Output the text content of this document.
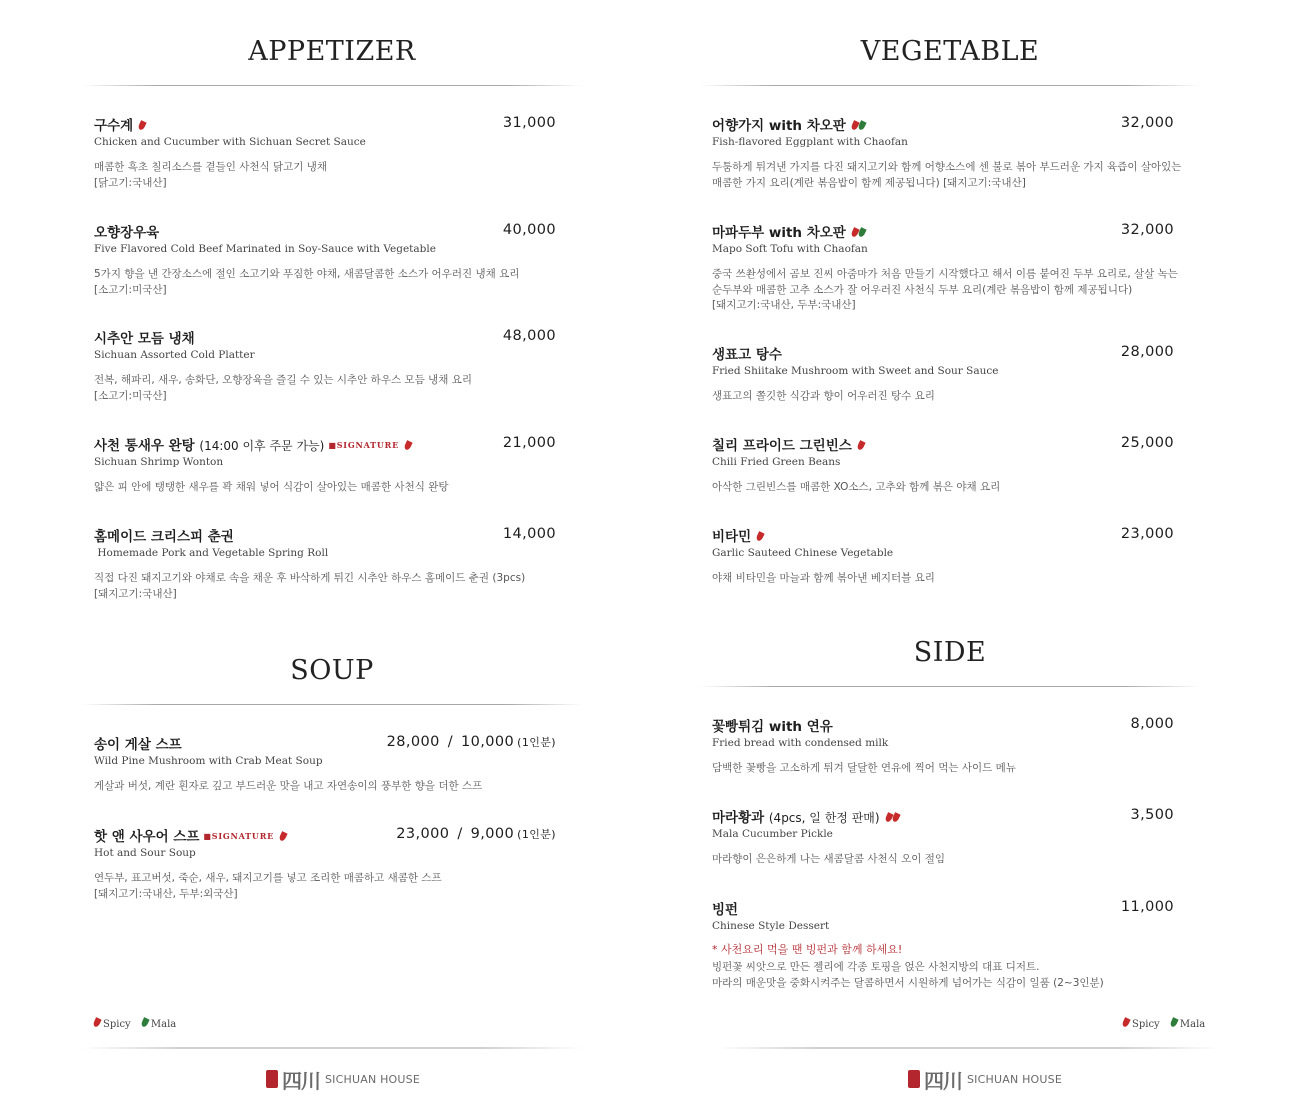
APPETIZER
구수계	31,000
Chicken and Cucumber with Sichuan Secret Sauce
매콤한 흑초 칠리소스를 곁들인 사천식 닭고기 냉채
[닭고기:국내산]
오향장우육	40,000
Five Flavored Cold Beef Marinated in Soy-Sauce with Vegetable
5가지 향을 낸 간장소스에 절인 소고기와 푸짐한 야채, 새콤달콤한 소스가 어우러진 냉채 요리
[소고기:미국산]
시추안 모듬 냉채	48,000
Sichuan Assorted Cold Platter
전복, 해파리, 새우, 송화단, 오향장육을 즐길 수 있는 시추안 하우스 모듬 냉채 요리
[소고기:미국산]
사천 통새우 완탕 (14:00 이후 주문 가능) ■SIGNATURE	21,000
Sichuan Shrimp Wonton
얇은 피 안에 탱탱한 새우를 꽉 채워 넣어 식감이 살아있는 매콤한 사천식 완탕
홈메이드 크리스피 춘권	14,000
Homemade Pork and Vegetable Spring Roll
직접 다진 돼지고기와 야채로 속을 채운 후 바삭하게 튀긴 시추안 하우스 홈메이드 춘권 (3pcs)
[돼지고기:국내산]
SOUP
송이 게살 스프	28,000 / 10,000 (1인분)
Wild Pine Mushroom with Crab Meat Soup
게살과 버섯, 계란 흰자로 깊고 부드러운 맛을 내고 자연송이의 풍부한 향을 더한 스프
핫 앤 사우어 스프 ■SIGNATURE	23,000 / 9,000 (1인분)
Hot and Sour Soup
연두부, 표고버섯, 죽순, 새우, 돼지고기를 넣고 조리한 매콤하고 새콤한 스프
[돼지고기:국내산, 두부:외국산]
Spicy Mala
四川 SICHUAN HOUSE
VEGETABLE
어향가지 with 차오판	32,000
Fish-flavored Eggplant with Chaofan
두툼하게 튀겨낸 가지를 다진 돼지고기와 함께 어향소스에 센 불로 볶아 부드러운 가지 육즙이 살아있는
매콤한 가지 요리(계란 볶음밥이 함께 제공됩니다) [돼지고기:국내산]
마파두부 with 차오판	32,000
Mapo Soft Tofu with Chaofan
중국 쓰촨성에서 곰보 진씨 아줌마가 처음 만들기 시작했다고 해서 이름 붙여진 두부 요리로, 살살 녹는
순두부와 매콤한 고추 소스가 잘 어우러진 사천식 두부 요리(계란 볶음밥이 함께 제공됩니다)
[돼지고기:국내산, 두부:국내산]
생표고 탕수	28,000
Fried Shiitake Mushroom with Sweet and Sour Sauce
생표고의 쫄깃한 식감과 향이 어우러진 탕수 요리
칠리 프라이드 그린빈스	25,000
Chili Fried Green Beans
아삭한 그린빈스를 매콤한 XO소스, 고추와 함께 볶은 야채 요리
비타민	23,000
Garlic Sauteed Chinese Vegetable
야채 비타민을 마늘과 함께 볶아낸 베지터블 요리
SIDE
꽃빵튀김 with 연유	8,000
Fried bread with condensed milk
담백한 꽃빵을 고소하게 튀겨 달달한 연유에 찍어 먹는 사이드 메뉴
마라황과 (4pcs, 일 한정 판매)	3,500
Mala Cucumber Pickle
마라향이 은은하게 나는 새콤달콤 사천식 오이 절임
빙펀	11,000
Chinese Style Dessert
* 사천요리 먹을 땐 빙펀과 함께 하세요!
빙펀꽃 씨앗으로 만든 젤리에 각종 토핑을 얹은 사천지방의 대표 디저트.
마라의 매운맛을 중화시켜주는 달콤하면서 시원하게 넘어가는 식감이 일품 (2~3인분)
Spicy Mala
四川 SICHUAN HOUSE
